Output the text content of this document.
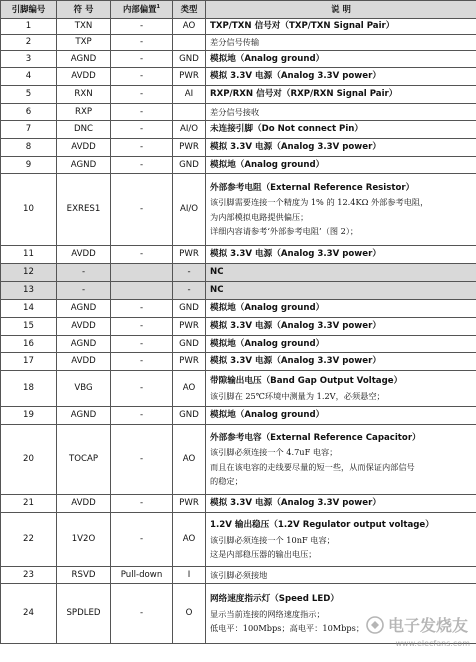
引脚编号	符 号	内部偏置$^1$	类型	说 明
1	TXN	-	AO	TXP/TXN 信号对（TXP/TXN Signal Pair）

2	TXP	-		差分信号传输

3	AGND	-	GND	模拟地（Analog ground）

4	AVDD	-	PWR	模拟 3.3V 电源（Analog 3.3V power）

5	RXN	-	AI	RXP/RXN 信号对（RXP/RXN Signal Pair）

6	RXP	-		差分信号接收

7	DNC	-	AI/O	未连接引脚（Do Not connect Pin）

8	AVDD	-	PWR	模拟 3.3V 电源（Analog 3.3V power）

9	AGND	-	GND	模拟地（Analog ground）

10	EXRES1	-	AI/O	外部参考电阻（External Reference Resistor）
该引脚需要连接一个精度为 1% 的 12.4KΩ 外部参考电阻，
为内部模拟电路提供偏压；
详细内容请参考‘外部参考电阻’（图 2）；

11	AVDD	-	PWR	模拟 3.3V 电源（Analog 3.3V power）

12	-		-	NC

13	-		-	NC

14	AGND	-	GND	模拟地（Analog ground）

15	AVDD	-	PWR	模拟 3.3V 电源（Analog 3.3V power）

16	AGND	-	GND	模拟地（Analog ground）

17	AVDD	-	PWR	模拟 3.3V 电源（Analog 3.3V power）

18	VBG	-	AO	带隙输出电压（Band Gap Output Voltage）
该引脚在 25℃环境中测量为 1.2V，必须悬空；

19	AGND	-	GND	模拟地（Analog ground）

20	TOCAP	-	AO	外部参考电容（External Reference Capacitor）
该引脚必须连接一个 4.7uF 电容；
而且在该电容的走线要尽量的短一些，从而保证内部信号
的稳定；

21	AVDD	-	PWR	模拟 3.3V 电源（Analog 3.3V power）

22	1V2O	-	AO	1.2V 输出稳压（1.2V Regulator output voltage）
该引脚必须连接一个 10nF 电容；
这是内部稳压器的输出电压；

23	RSVD	Pull-down	I	该引脚必须接地

24	SPDLED	-	O	网络速度指示灯（Speed LED）
显示当前连接的网络速度指示；
低电平：100Mbps；高电平：10Mbps；	电子发烧友
www.elecfans.com
